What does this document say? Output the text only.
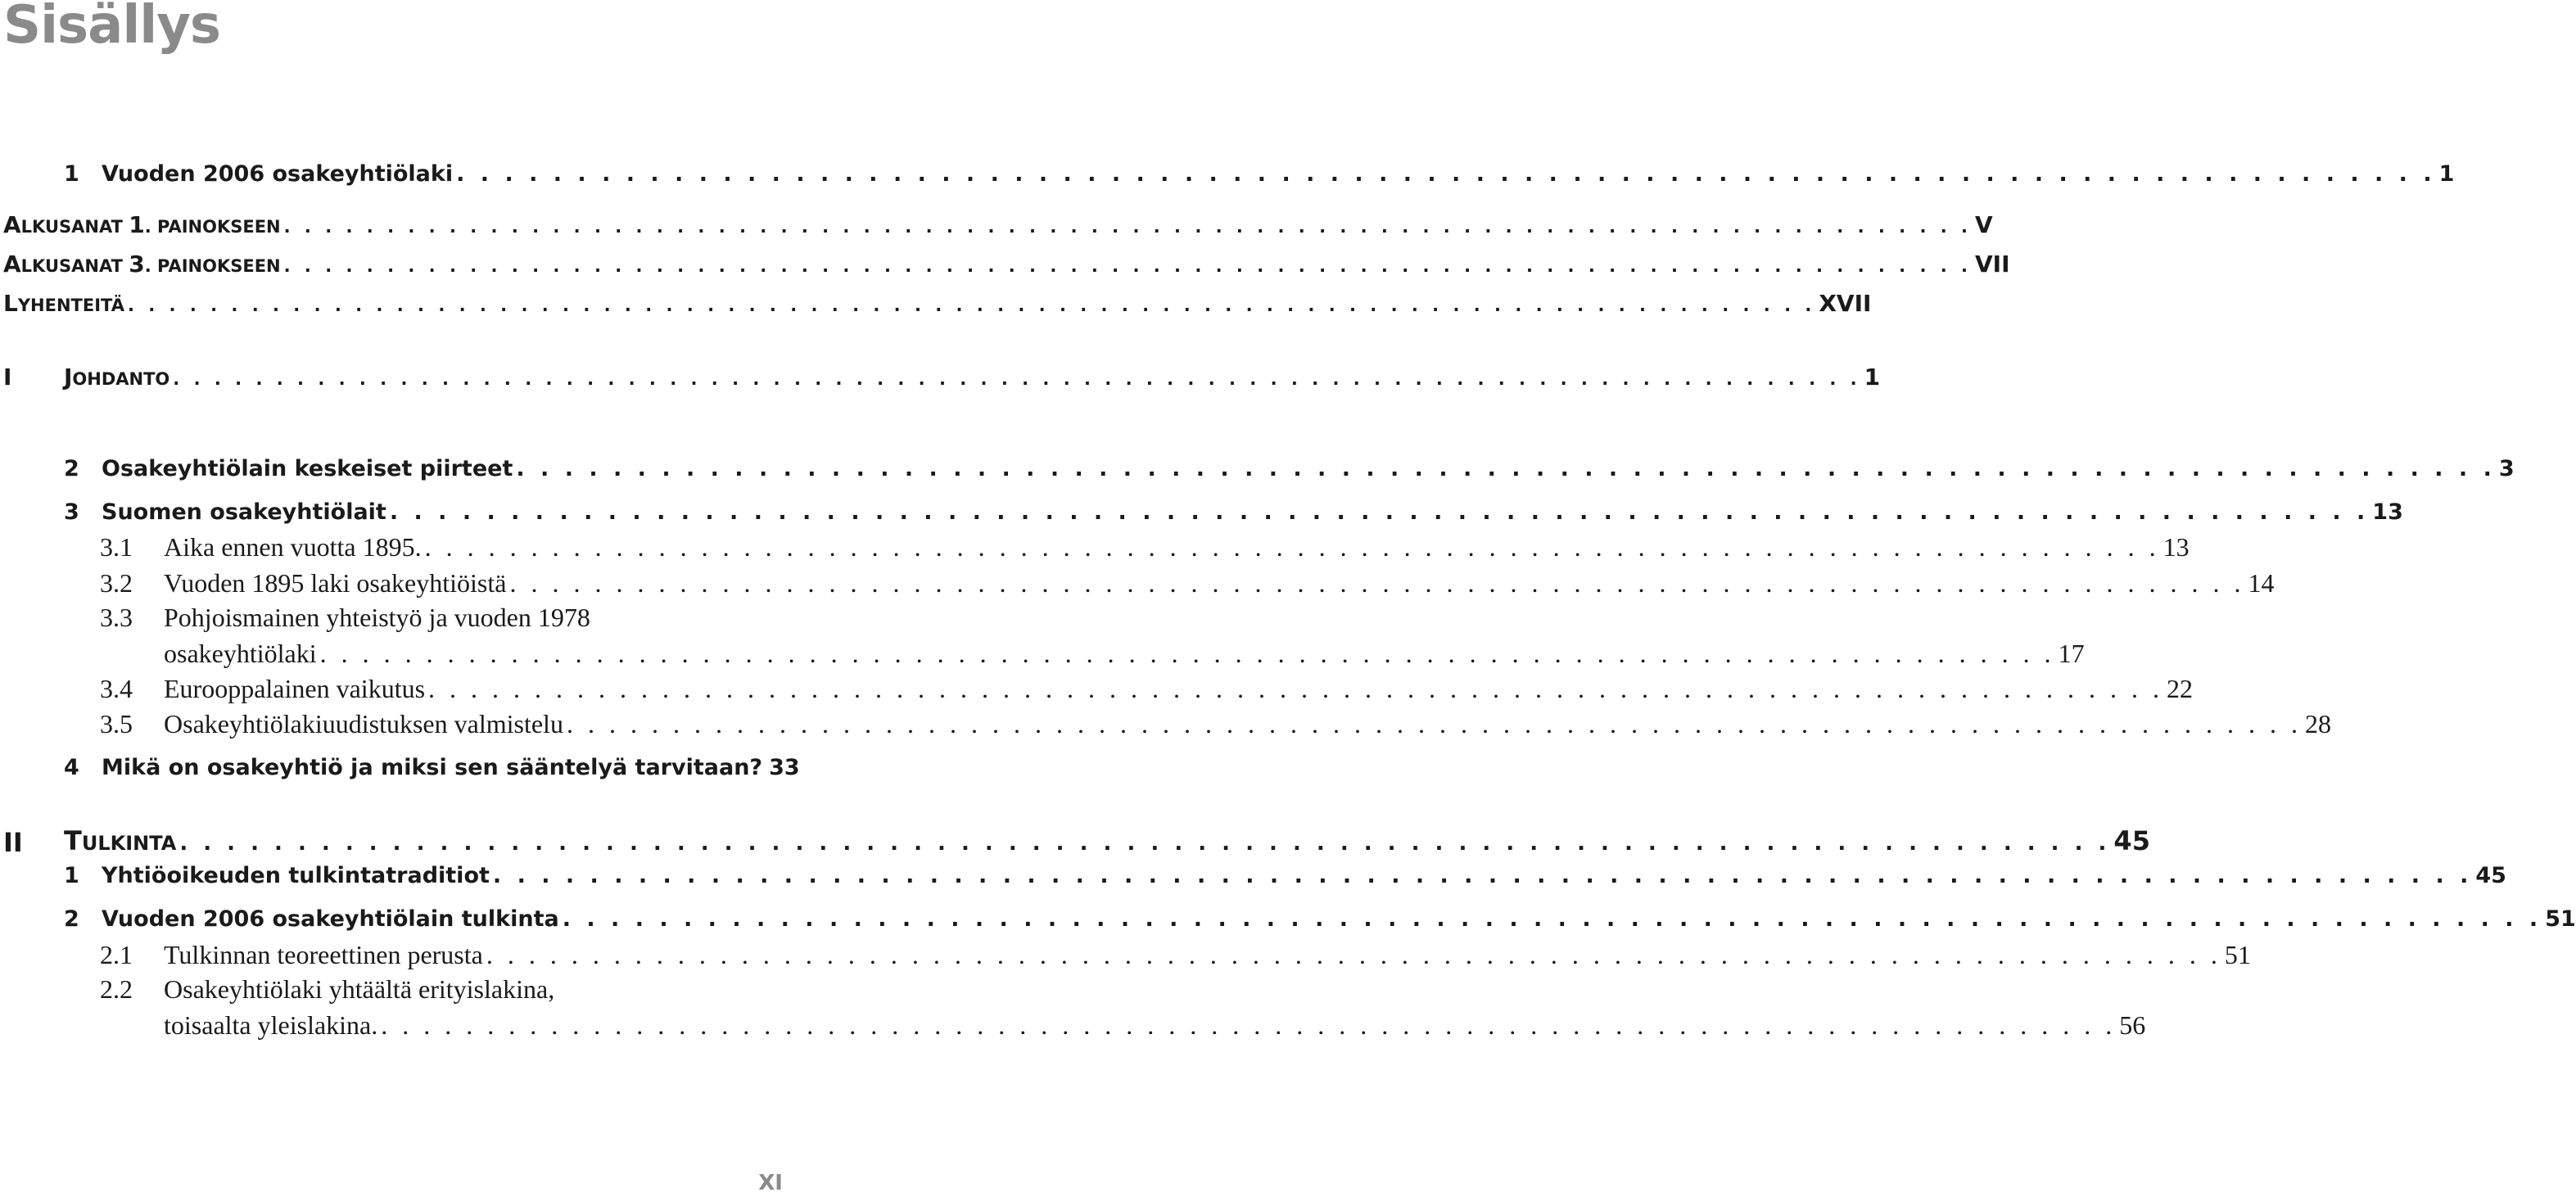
Sisällys
ALKUSANAT 1. PAINOKSEEN . . .	V
ALKUSANAT 3. PAINOKSEEN . . .	VII
LYHENTEITÄ . . .	XVII
I JOHDANTO . . .	1
1 Vuoden 2006 osakeyhtiölaki . . .	1
2 Osakeyhtiölain keskeiset piirteet . . .	3
3 Suomen osakeyhtiölait . . .	13
3.1 Aika ennen vuotta 1895. . . .	13
3.2 Vuoden 1895 laki osakeyhtiöistä . . .	14
3.3 Pohjoismainen yhteistyö ja vuoden 1978
osakeyhtiölaki . . .	17
3.4 Eurooppalainen vaikutus . . .	22
3.5 Osakeyhtiölakiuudistuksen valmistelu . . .	28
4 Mikä on osakeyhtiö ja miksi sen sääntelyä tarvitaan? 33
II TULKINTA . . .	45
1 Yhtiöoikeuden tulkintatraditiot . . .	45
2 Vuoden 2006 osakeyhtiölain tulkinta . . .	51
2.1 Tulkinnan teoreettinen perusta . . .	51
2.2 Osakeyhtiölaki yhtäältä erityislakina,
toisaalta yleislakina. . . .	56
XI
